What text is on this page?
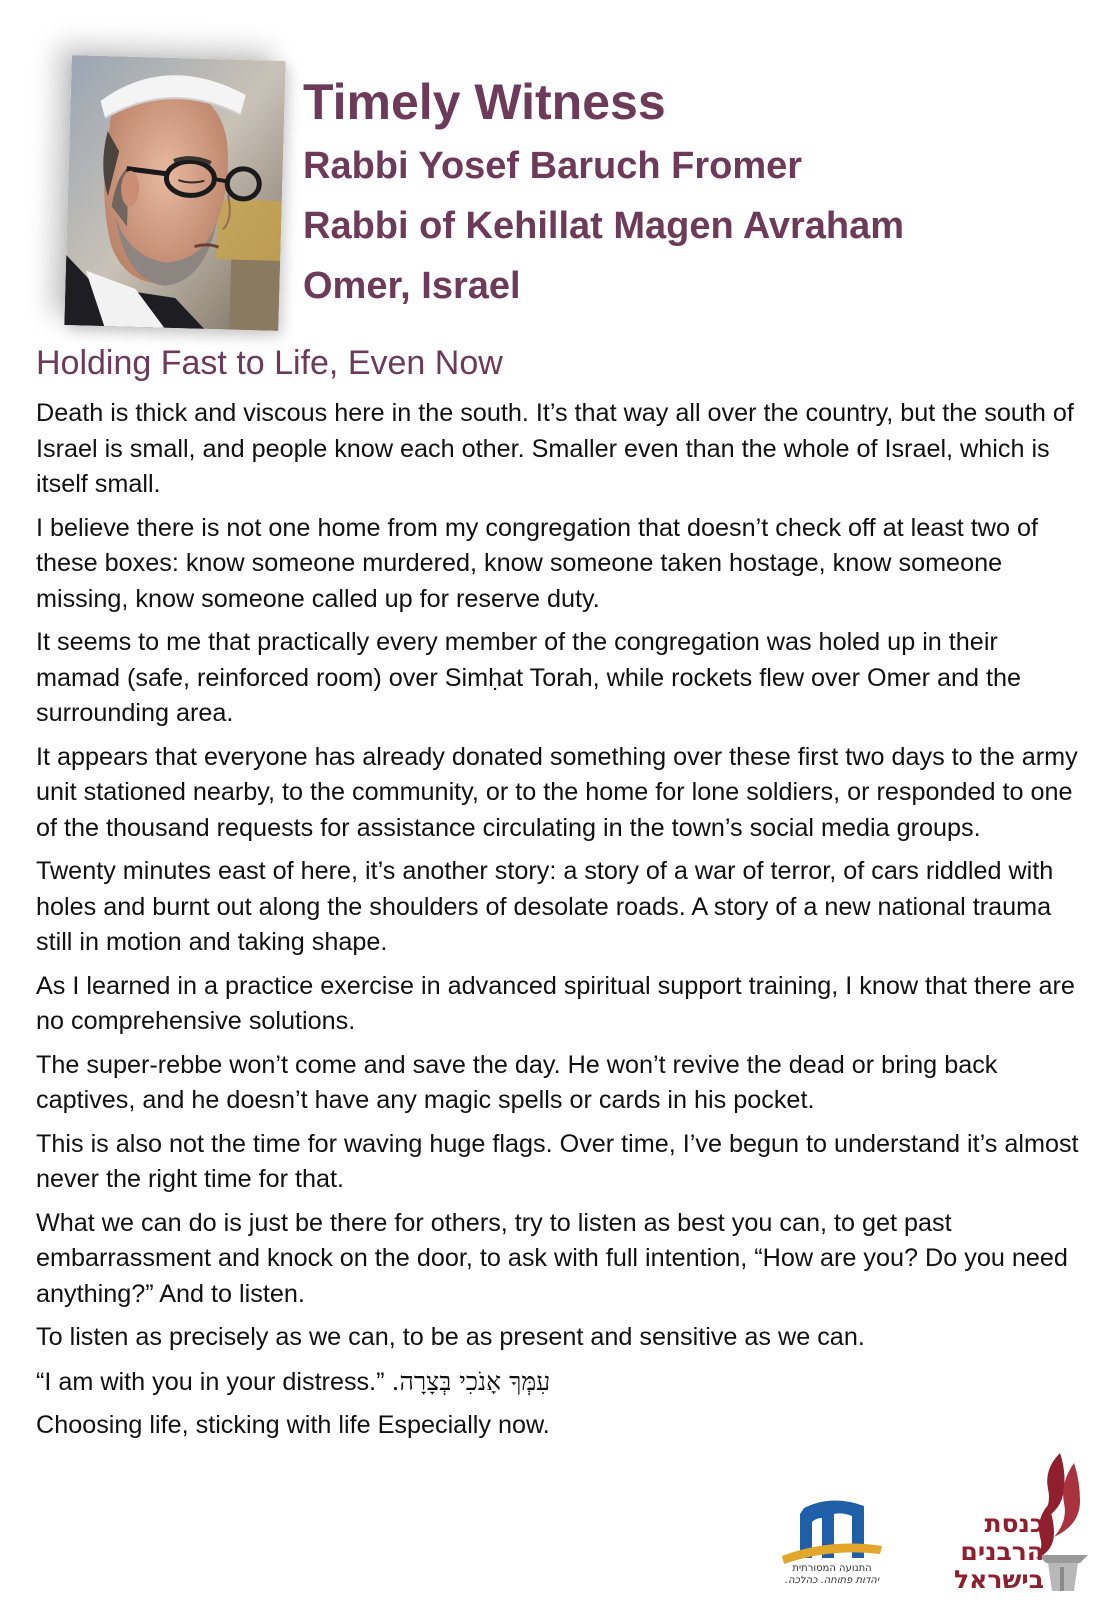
Timely Witness
Rabbi Yosef Baruch Fromer
Rabbi of Kehillat Magen Avraham
Omer, Israel
Holding Fast to Life, Even Now

Death is thick and viscous here in the south. It’s that way all over the country, but the south of Israel is small, and people know each other. Smaller even than the whole of Israel, which is itself small.

I believe there is not one home from my congregation that doesn’t check off at least two of these boxes: know someone murdered, know someone taken hostage, know someone missing, know someone called up for reserve duty.

It seems to me that practically every member of the congregation was holed up in their mamad (safe, reinforced room) over Simḥat Torah, while rockets flew over Omer and the surrounding area.

It appears that everyone has already donated something over these first two days to the army unit stationed nearby, to the community, or to the home for lone soldiers, or responded to one of the thousand requests for assistance circulating in the town’s social media groups.

Twenty minutes east of here, it’s another story: a story of a war of terror, of cars riddled with holes and burnt out along the shoulders of desolate roads. A story of a new national trauma still in motion and taking shape.

As I learned in a practice exercise in advanced spiritual support training, I know that there are no comprehensive solutions.

The super-rebbe won’t come and save the day. He won’t revive the dead or bring back captives, and he doesn’t have any magic spells or cards in his pocket.

This is also not the time for waving huge flags. Over time, I’ve begun to understand it’s almost never the right time for that.

What we can do is just be there for others, try to listen as best you can, to get past embarrassment and knock on the door, to ask with full intention, “How are you? Do you need anything?” And to listen.

To listen as precisely as we can, to be as present and sensitive as we can.

“I am with you in your distress.” עִמְּךָ אָנֹכִי בְּצָרָה.

Choosing life, sticking with life Especially now.

התנועה המסורתית
יהדות פתוחה. כהלכה.
כנסת
הרבנים
בישראל
